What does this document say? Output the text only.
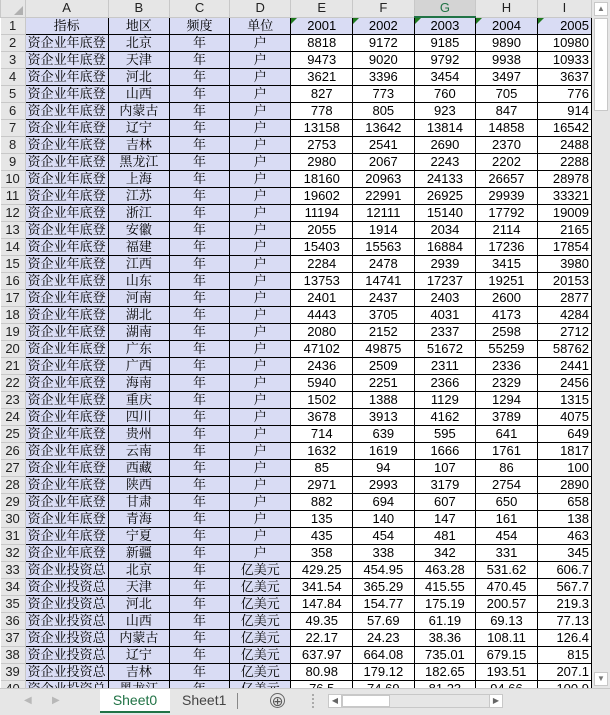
	A	B	C	D	E	F	G	H	I
1	指标	地区	频度	单位	2001	2002	2003	2004	2005
2	资企业年底登	北京	年	户	8818	9172	9185	9890	10980
3	资企业年底登	天津	年	户	9473	9020	9792	9938	10933
4	资企业年底登	河北	年	户	3621	3396	3454	3497	3637
5	资企业年底登	山西	年	户	827	773	760	705	776
6	资企业年底登	内蒙古	年	户	778	805	923	847	914
7	资企业年底登	辽宁	年	户	13158	13642	13814	14858	16542
8	资企业年底登	吉林	年	户	2753	2541	2690	2370	2488
9	资企业年底登	黑龙江	年	户	2980	2067	2243	2202	2288
10	资企业年底登	上海	年	户	18160	20963	24133	26657	28978
11	资企业年底登	江苏	年	户	19602	22991	26925	29939	33321
12	资企业年底登	浙江	年	户	11194	12111	15140	17792	19009
13	资企业年底登	安徽	年	户	2055	1914	2034	2114	2165
14	资企业年底登	福建	年	户	15403	15563	16884	17236	17854
15	资企业年底登	江西	年	户	2284	2478	2939	3415	3980
16	资企业年底登	山东	年	户	13753	14741	17237	19251	20153
17	资企业年底登	河南	年	户	2401	2437	2403	2600	2877
18	资企业年底登	湖北	年	户	4443	3705	4031	4173	4284
19	资企业年底登	湖南	年	户	2080	2152	2337	2598	2712
20	资企业年底登	广东	年	户	47102	49875	51672	55259	58762
21	资企业年底登	广西	年	户	2436	2509	2311	2336	2441
22	资企业年底登	海南	年	户	5940	2251	2366	2329	2456
23	资企业年底登	重庆	年	户	1502	1388	1129	1294	1315
24	资企业年底登	四川	年	户	3678	3913	4162	3789	4075
25	资企业年底登	贵州	年	户	714	639	595	641	649
26	资企业年底登	云南	年	户	1632	1619	1666	1761	1817
27	资企业年底登	西藏	年	户	85	94	107	86	100
28	资企业年底登	陕西	年	户	2971	2993	3179	2754	2890
29	资企业年底登	甘肃	年	户	882	694	607	650	658
30	资企业年底登	青海	年	户	135	140	147	161	138
31	资企业年底登	宁夏	年	户	435	454	481	454	463
32	资企业年底登	新疆	年	户	358	338	342	331	345
33	资企业投资总	北京	年	亿美元	429.25	454.95	463.28	531.62	606.7
34	资企业投资总	天津	年	亿美元	341.54	365.29	415.55	470.45	567.7
35	资企业投资总	河北	年	亿美元	147.84	154.77	175.19	200.57	219.3
36	资企业投资总	山西	年	亿美元	49.35	57.69	61.19	69.13	77.13
37	资企业投资总	内蒙古	年	亿美元	22.17	24.23	38.36	108.11	126.4
38	资企业投资总	辽宁	年	亿美元	637.97	664.08	735.01	679.15	815
39	资企业投资总	吉林	年	亿美元	80.98	179.12	182.65	193.51	207.1

▲
▼
◀ ▶	Sheet0	Sheet1	⊕	◀	▶
